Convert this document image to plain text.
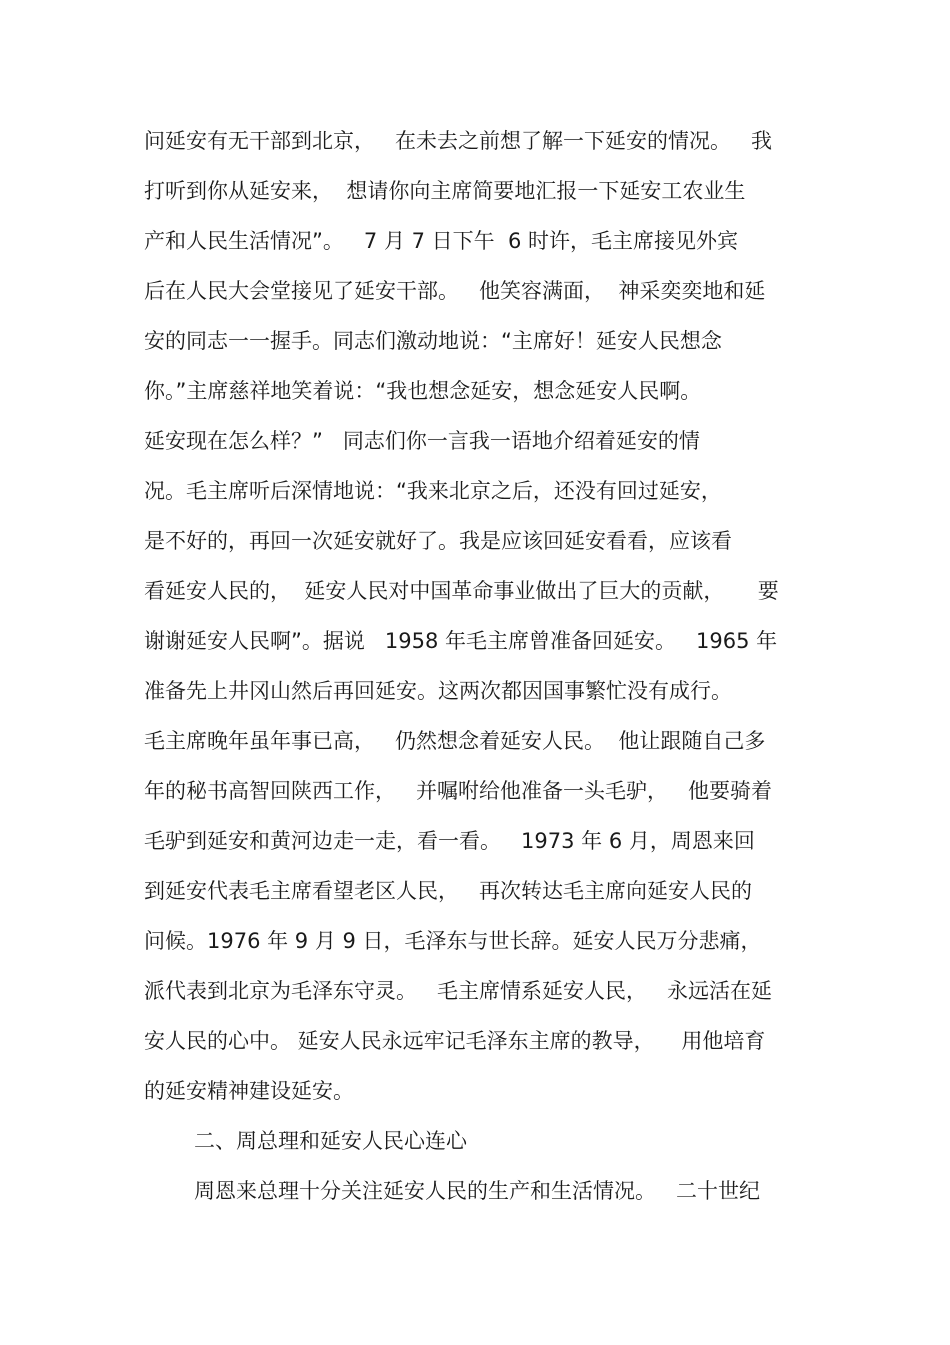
问延安有无干部到北京，   在未去之前想了解一下延安的情况。   我
打听到你从延安来，  想请你向主席简要地汇报一下延安工农业生
产和人民生活情况”。   7 月 7 日下午  6 时许，毛主席接见外宾
后在人民大会堂接见了延安干部。   他笑容满面，  神采奕奕地和延
安的同志一一握手。同志们激动地说：“主席好！延安人民想念
你。”主席慈祥地笑着说：“我也想念延安，想念延安人民啊。
延安现在怎么样？”   同志们你一言我一语地介绍着延安的情
况。毛主席听后深情地说：“我来北京之后，还没有回过延安，
是不好的，再回一次延安就好了。我是应该回延安看看，应该看
看延安人民的，  延安人民对中国革命事业做出了巨大的贡献，     要
谢谢延安人民啊”。据说   1958 年毛主席曾准备回延安。   1965 年
准备先上井冈山然后再回延安。这两次都因国事繁忙没有成行。
毛主席晚年虽年事已高，   仍然想念着延安人民。  他让跟随自己多
年的秘书高智回陕西工作，   并嘱咐给他准备一头毛驴，   他要骑着
毛驴到延安和黄河边走一走，看一看。   1973 年 6 月，周恩来回
到延安代表毛主席看望老区人民，   再次转达毛主席向延安人民的
问候。1976 年 9 月 9 日，毛泽东与世长辞。延安人民万分悲痛，
派代表到北京为毛泽东守灵。   毛主席情系延安人民，   永远活在延
安人民的心中。 延安人民永远牢记毛泽东主席的教导，    用他培育
的延安精神建设延安。
二、周总理和延安人民心连心
周恩来总理十分关注延安人民的生产和生活情况。   二十世纪
